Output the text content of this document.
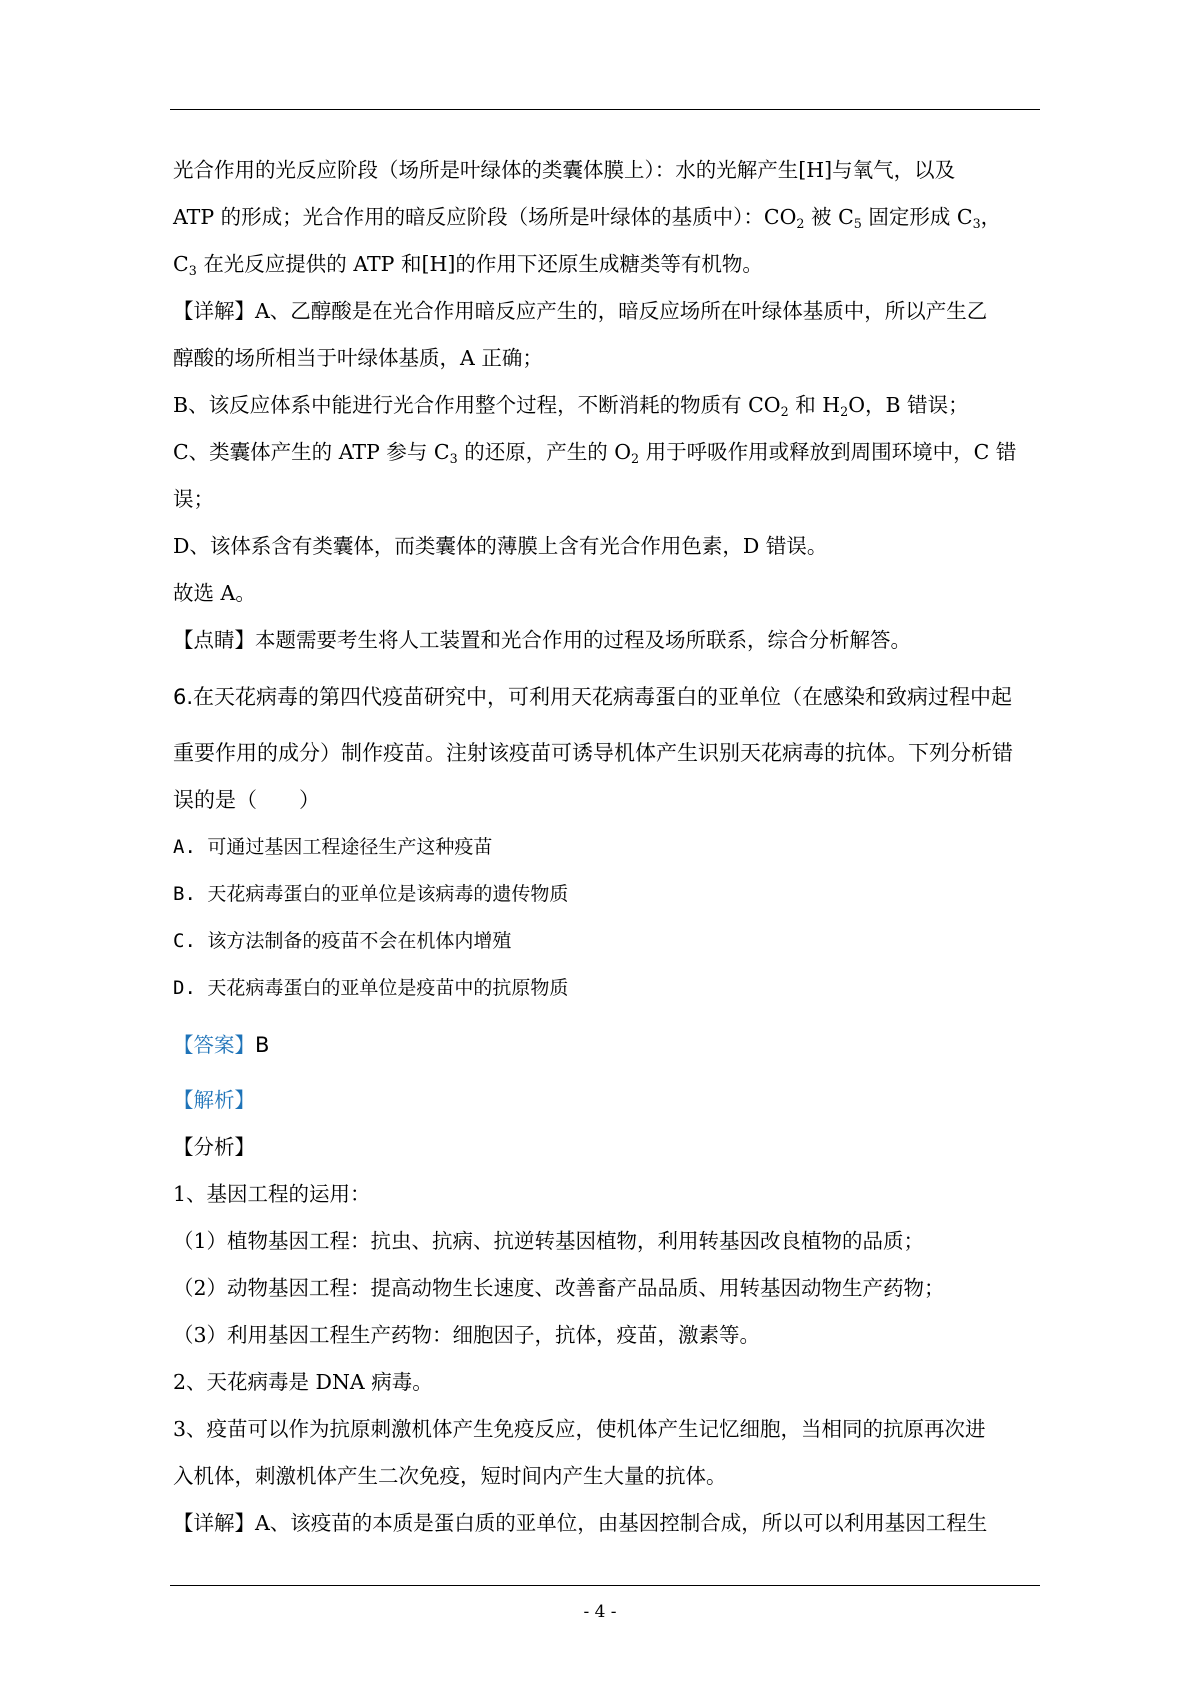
光合作用的光反应阶段（场所是叶绿体的类囊体膜上）：水的光解产生[H]与氧气，以及
ATP 的形成；光合作用的暗反应阶段（场所是叶绿体的基质中）：$CO_2$ 被 $C_5$ 固定形成 $C_3$，
$C_3$ 在光反应提供的 ATP 和[H]的作用下还原生成糖类等有机物。
【详解】A、乙醇酸是在光合作用暗反应产生的，暗反应场所在叶绿体基质中，所以产生乙
醇酸的场所相当于叶绿体基质，A 正确；
B、该反应体系中能进行光合作用整个过程，不断消耗的物质有 $CO_2$ 和 $H_2O$，B 错误；
C、类囊体产生的 ATP 参与 $C_3$ 的还原，产生的 $O_2$ 用于呼吸作用或释放到周围环境中，C 错
误；
D、该体系含有类囊体，而类囊体的薄膜上含有光合作用色素，D 错误。
故选 A。
【点睛】本题需要考生将人工装置和光合作用的过程及场所联系，综合分析解答。
6.在天花病毒的第四代疫苗研究中，可利用天花病毒蛋白的亚单位（在感染和致病过程中起
重要作用的成分）制作疫苗。注射该疫苗可诱导机体产生识别天花病毒的抗体。下列分析错
误的是（　　）
A. 可通过基因工程途径生产这种疫苗
B. 天花病毒蛋白的亚单位是该病毒的遗传物质
C. 该方法制备的疫苗不会在机体内增殖
D. 天花病毒蛋白的亚单位是疫苗中的抗原物质
【答案】B
【解析】
【分析】
1、基因工程的运用：
（1）植物基因工程：抗虫、抗病、抗逆转基因植物，利用转基因改良植物的品质；
（2）动物基因工程：提高动物生长速度、改善畜产品品质、用转基因动物生产药物；
（3）利用基因工程生产药物：细胞因子，抗体，疫苗，激素等。
2、天花病毒是 DNA 病毒。
3、疫苗可以作为抗原刺激机体产生免疫反应，使机体产生记忆细胞，当相同的抗原再次进
入机体，刺激机体产生二次免疫，短时间内产生大量的抗体。
【详解】A、该疫苗的本质是蛋白质的亚单位，由基因控制合成，所以可以利用基因工程生
- 4 -
